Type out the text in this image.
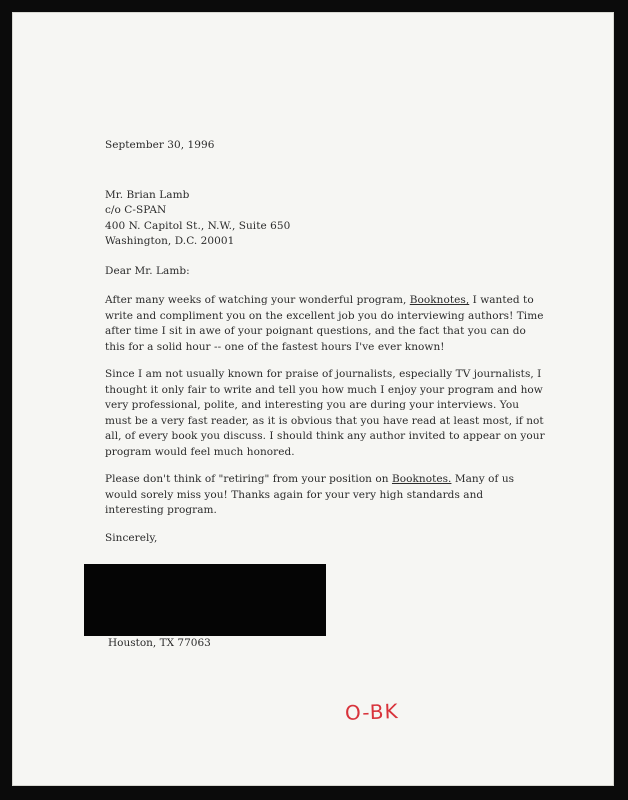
September 30, 1996

Mr. Brian Lamb

c/o C-SPAN

400 N. Capitol St., N.W., Suite 650

Washington, D.C. 20001

Dear Mr. Lamb:

After many weeks of watching your wonderful program, Booknotes, I wanted to write and compliment you on the excellent job you do interviewing authors! Time after time I sit in awe of your poignant questions, and the fact that you can do this for a solid hour -- one of the fastest hours I've ever known!

Since I am not usually known for praise of journalists, especially TV journalists, I thought it only fair to write and tell you how much I enjoy your program and how very professional, polite, and interesting you are during your interviews. You must be a very fast reader, as it is obvious that you have read at least most, if not all, of every book you discuss. I should think any author invited to appear on your program would feel much honored.

Please don't think of "retiring" from your position on Booknotes. Many of us would sorely miss you! Thanks again for your very high standards and interesting program.

Sincerely,

Houston, TX 77063
O-BK
